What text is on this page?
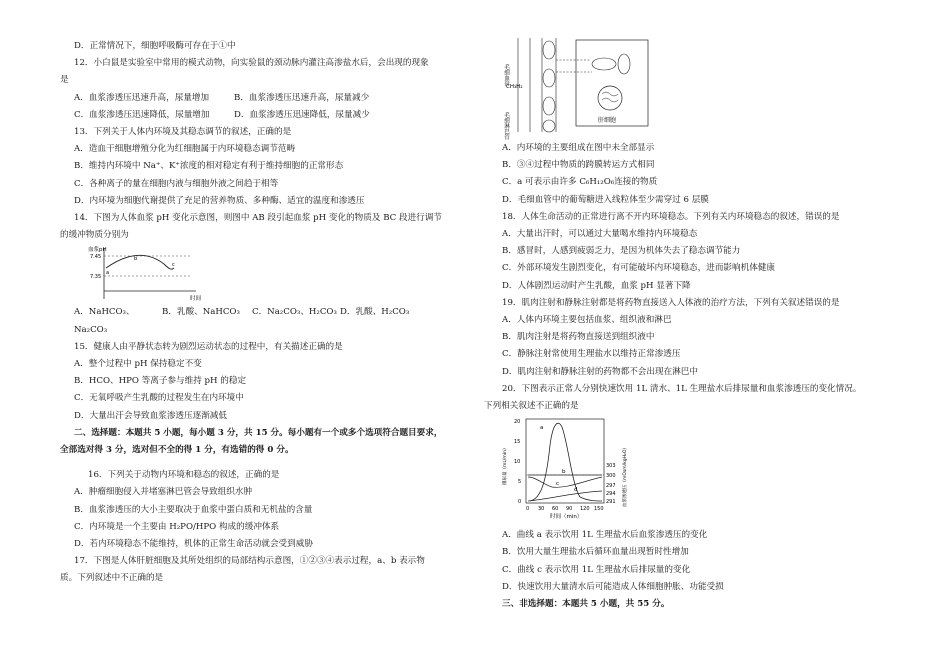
D．正常情况下，细胞呼吸酶可存在于①中
12．小白鼠是实验室中常用的模式动物，向实验鼠的颈动脉内灌注高渗盐水后，会出现的现象
是
A．血浆渗透压迅速升高，尿量增加	B．血浆渗透压迅速升高，尿量减少
C．血浆渗透压迅速降低，尿量增加	D．血浆渗透压迅速降低，尿量减少
13．下列关于人体内环境及其稳态调节的叙述，正确的是
A．造血干细胞增殖分化为红细胞属于内环境稳态调节范畴
B．维持内环境中 Na⁺、K⁺浓度的相对稳定有利于维持细胞的正常形态
C．各种离子的量在细胞内液与细胞外液之间趋于相等
D．内环境为细胞代谢提供了充足的营养物质、多种酶、适宜的温度和渗透压
14．下图为人体血浆 pH 变化示意图，则图中 AB 段引起血浆 pH 变化的物质及 BC 段进行调节
的缓冲物质分别为
血浆pH
7.45
7.35
a
b
c
时间
A．NaHCO₃、Na₂CO₃
B．乳酸、NaHCO₃	C．Na₂CO₃、H₂CO₃ D．乳酸、H₂CO₃
15．健康人由平静状态转为剧烈运动状态的过程中，有关描述正确的是
A．整个过程中 pH 保持稳定不变
B．HCO、HPO 等离子参与维持 pH 的稳定
C．无氧呼吸产生乳酸的过程发生在内环境中
D．大量出汗会导致血浆渗透压逐渐减低
二、选择题：本题共 5 小题，每小题 3 分，共 15 分。每小题有一个或多个选项符合题目要求，
全部选对得 3 分，选对但不全的得 1 分，有选错的得 0 分。
16．下列关于动物内环境和稳态的叙述，正确的是
A．肿瘤细胞侵入并堵塞淋巴管会导致组织水肿
B．血浆渗透压的大小主要取决于血浆中蛋白质和无机盐的含量
C．内环境是一个主要由 H₂PO/HPO 构成的缓冲体系
D．若内环境稳态不能维持，机体的正常生命活动就会受到威胁
17．下图是人体肝脏细胞及其所处组织的局部结构示意图，①②③④表示过程，a、b 表示物
质。下列叙述中不正确的是
毛细血管
CH₃H₂
毛细淋巴管	肝细胞
A．内环境的主要组成在图中未全部显示
B．③④过程中物质的跨膜转运方式相同
C．a 可表示由许多 C₆H₁₂O₆连接的物质
D．毛细血管中的葡萄糖进入线粒体至少需穿过 6 层膜
18．人体生命活动的正常进行离不开内环境稳态。下列有关内环境稳态的叙述，错误的是
A．大量出汗时，可以通过大量喝水维持内环境稳态
B．感冒时，人感到疲弱乏力，是因为机体失去了稳态调节能力
C．外部环境发生剧烈变化，有可能破坏内环境稳态，进而影响机体健康
D．人体剧烈运动时产生乳酸，血浆 pH 显著下降
19．肌肉注射和静脉注射都是将药物直接送入人体液的治疗方法，下列有关叙述错误的是
A．人体内环境主要包括血浆、组织液和淋巴
B．肌肉注射是将药物直接送到组织液中
C．静脉注射常使用生理盐水以维持正常渗透压
D．肌肉注射和静脉注射的药物都不会出现在淋巴中
20．下图表示正常人分别快速饮用 1L 清水、1L 生理盐水后排尿量和血浆渗透压的变化情况。
下列相关叙述不正确的是
a
b
c
d
20
15
10
5
0
303
300
297
294
291
0 30 60 90 120 150
时间（min）
排尿量（mL/min）	血浆渗透压（mOsm/kgH₂O）
A．曲线 a 表示饮用 1L 生理盐水后血浆渗透压的变化
B．饮用大量生理盐水后循环血量出现暂时性增加
C．曲线 c 表示饮用 1L 生理盐水后排尿量的变化
D．快速饮用大量清水后可能造成人体细胞肿胀、功能受损
三、非选择题：本题共 5 小题，共 55 分。
